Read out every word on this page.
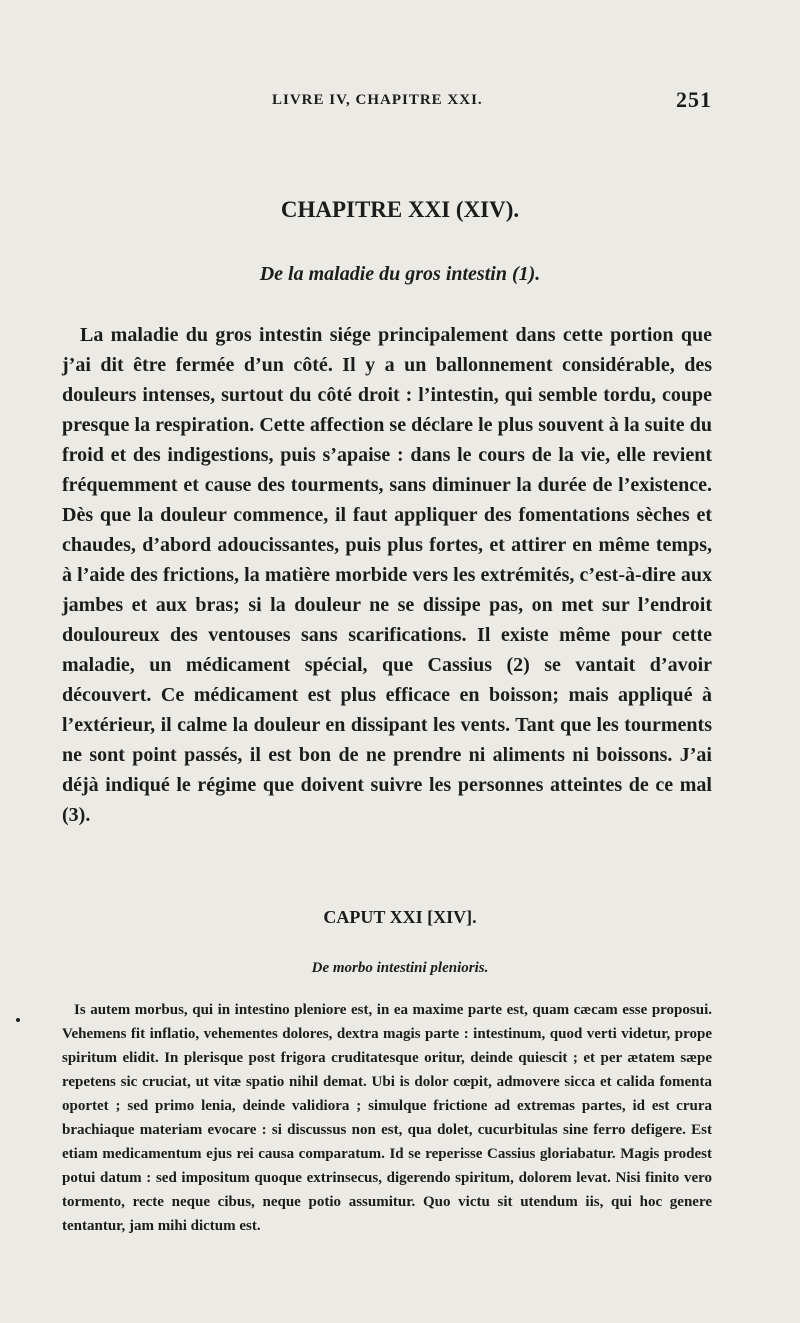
LIVRE IV, CHAPITRE XXI.	251
CHAPITRE XXI (XIV).
De la maladie du gros intestin (1).

La maladie du gros intestin siége principalement dans cette portion que j’ai dit être fermée d’un côté. Il y a un ballonnement considérable, des douleurs intenses, surtout du côté droit : l’intestin, qui semble tordu, coupe presque la respiration. Cette affection se déclare le plus souvent à la suite du froid et des indigestions, puis s’apaise : dans le cours de la vie, elle revient fréquemment et cause des tourments, sans diminuer la durée de l’existence. Dès que la douleur commence, il faut appliquer des fomentations sèches et chaudes, d’abord adoucissantes, puis plus fortes, et attirer en même temps, à l’aide des frictions, la matière morbide vers les extrémités, c’est-à-dire aux jambes et aux bras; si la douleur ne se dissipe pas, on met sur l’endroit douloureux des ventouses sans scarifications. Il existe même pour cette maladie, un médicament spécial, que Cassius (2) se vantait d’avoir découvert. Ce médicament est plus efficace en boisson; mais appliqué à l’extérieur, il calme la douleur en dissipant les vents. Tant que les tourments ne sont point passés, il est bon de ne prendre ni aliments ni boissons. J’ai déjà indiqué le régime que doivent suivre les personnes atteintes de ce mal (3).

CAPUT XXI [XIV].
De morbo intestini plenioris.

Is autem morbus, qui in intestino pleniore est, in ea maxime parte est, quam cæcam esse proposui. Vehemens fit inflatio, vehementes dolores, dextra magis parte : intestinum, quod verti videtur, prope spiritum elidit. In plerisque post frigora cruditatesque oritur, deinde quiescit ; et per ætatem sæpe repetens sic cruciat, ut vitæ spatio nihil demat. Ubi is dolor cœpit, admovere sicca et calida fomenta oportet ; sed primo lenia, deinde validiora ; simulque frictione ad extremas partes, id est crura brachiaque materiam evocare : si discussus non est, qua dolet, cucurbitulas sine ferro defigere. Est etiam medicamentum ejus rei causa comparatum. Id se reperisse Cassius gloriabatur. Magis prodest potui datum : sed impositum quoque extrinsecus, digerendo spiritum, dolorem levat. Nisi finito vero tormento, recte neque cibus, neque potio assumitur. Quo victu sit utendum iis, qui hoc genere tentantur, jam mihi dictum est.
